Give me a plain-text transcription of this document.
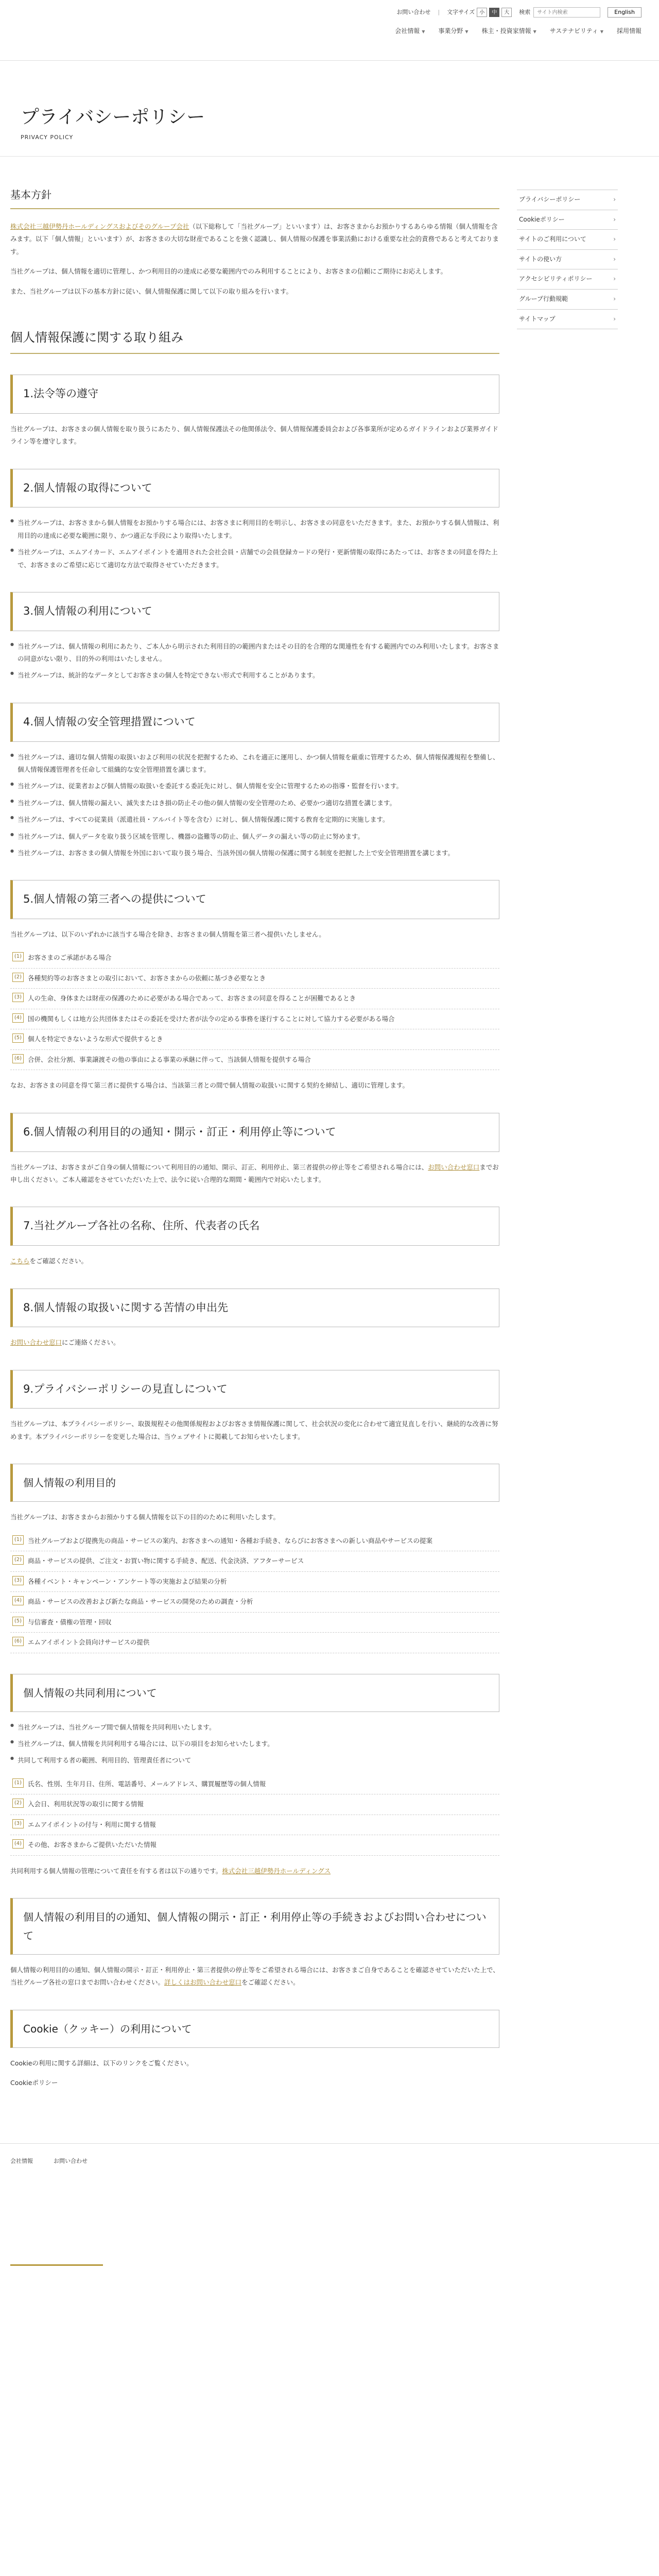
お問い合わせ | 文字サイズ 小	中	大	検索
サイト内検索	English
会社情報 ▼ 事業分野 ▼ 株主・投資家情報 ▼ サステナビリティ ▼ 採用情報
プライバシーポリシー
PRIVACY POLICY
基本方針

株式会社三越伊勢丹ホールディングスおよびそのグループ会社（以下総称して「当社グループ」といいます）は、お客さまからお預かりするあらゆる情報（個人情報を含みます。以下「個人情報」といいます）が、お客さまの大切な財産であることを強く認識し、個人情報の保護を事業活動における重要な社会的責務であると考えております。

当社グループは、個人情報を適切に管理し、かつ利用目的の達成に必要な範囲内でのみ利用することにより、お客さまの信頼にご期待にお応えします。

また、当社グループは以下の基本方針に従い、個人情報保護に関して以下の取り組みを行います。

個人情報保護に関する取り組み
1.法令等の遵守

当社グループは、お客さまの個人情報を取り扱うにあたり、個人情報保護法その他関係法令、個人情報保護委員会および各事業所が定めるガイドラインおよび業界ガイドライン等を遵守します。

2.個人情報の取得について
● 当社グループは、お客さまから個人情報をお預かりする場合には、お客さまに利用目的を明示し、お客さまの同意をいただきます。また、お預かりする個人情報は、利用目的の達成に必要な範囲に限り、かつ適正な手段により取得いたします。
● 当社グループは、エムアイカード、エムアイポイントを適用された会社会員・店舗での会員登録カードの発行・更新情報の取得にあたっては、お客さまの同意を得た上で、お客さまのご希望に応じて適切な方法で取得させていただきます。
3.個人情報の利用について
● 当社グループは、個人情報の利用にあたり、ご本人から明示された利用目的の範囲内またはその目的を合理的な関連性を有する範囲内でのみ利用いたします。お客さまの同意がない限り、目的外の利用はいたしません。
● 当社グループは、統計的なデータとしてお客さまの個人を特定できない形式で利用することがあります。
4.個人情報の安全管理措置について
● 当社グループは、適切な個人情報の取扱いおよび利用の状況を把握するため、これを適正に運用し、かつ個人情報を厳重に管理するため、個人情報保護規程を整備し、個人情報保護管理者を任命して組織的な安全管理措置を講じます。
● 当社グループは、従業者および個人情報の取扱いを委託する委託先に対し、個人情報を安全に管理するための指導・監督を行います。
● 当社グループは、個人情報の漏えい、滅失またはき損の防止その他の個人情報の安全管理のため、必要かつ適切な措置を講じます。
● 当社グループは、すべての従業員（派遣社員・アルバイト等を含む）に対し、個人情報保護に関する教育を定期的に実施します。
● 当社グループは、個人データを取り扱う区域を管理し、機器の盗難等の防止、個人データの漏えい等の防止に努めます。
● 当社グループは、お客さまの個人情報を外国において取り扱う場合、当該外国の個人情報の保護に関する制度を把握した上で安全管理措置を講じます。
5.個人情報の第三者への提供について

当社グループは、以下のいずれかに該当する場合を除き、お客さまの個人情報を第三者へ提供いたしません。

(1) お客さまのご承諾がある場合
(2) 各種契約等のお客さまとの取引において、お客さまからの依頼に基づき必要なとき
(3) 人の生命、身体または財産の保護のために必要がある場合であって、お客さまの同意を得ることが困難であるとき
(4) 国の機関もしくは地方公共団体またはその委託を受けた者が法令の定める事務を遂行することに対して協力する必要がある場合
(5) 個人を特定できないような形式で提供するとき
(6) 合併、会社分割、事業譲渡その他の事由による事業の承継に伴って、当該個人情報を提供する場合

なお、お客さまの同意を得て第三者に提供する場合は、当該第三者との間で個人情報の取扱いに関する契約を締結し、適切に管理します。

6.個人情報の利用目的の通知・開示・訂正・利用停止等について

当社グループは、お客さまがご自身の個人情報について利用目的の通知、開示、訂正、利用停止、第三者提供の停止等をご希望される場合には、お問い合わせ窓口までお申し出ください。ご本人確認をさせていただいた上で、法令に従い合理的な期間・範囲内で対応いたします。

7.当社グループ各社の名称、住所、代表者の氏名

こちらをご確認ください。

8.個人情報の取扱いに関する苦情の申出先

お問い合わせ窓口にご連絡ください。

9.プライバシーポリシーの見直しについて

当社グループは、本プライバシーポリシー、取扱規程その他関係規程およびお客さま情報保護に関して、社会状況の変化に合わせて適宜見直しを行い、継続的な改善に努めます。本プライバシーポリシーを変更した場合は、当ウェブサイトに掲載してお知らせいたします。

個人情報の利用目的

当社グループは、お客さまからお預かりする個人情報を以下の目的のために利用いたします。

(1) 当社グループおよび提携先の商品・サービスの案内、お客さまへの通知・各種お手続き、ならびにお客さまへの新しい商品やサービスの提案
(2) 商品・サービスの提供、ご注文・お買い物に関する手続き、配送、代金決済、アフターサービス
(3) 各種イベント・キャンペーン・アンケート等の実施および結果の分析
(4) 商品・サービスの改善および新たな商品・サービスの開発のための調査・分析
(5) 与信審査・債権の管理・回収
(6) エムアイポイント会員向けサービスの提供
個人情報の共同利用について
● 当社グループは、当社グループ間で個人情報を共同利用いたします。
● 当社グループは、個人情報を共同利用する場合には、以下の項目をお知らせいたします。
● 共同して利用する者の範囲、利用目的、管理責任者について
(1) 氏名、性別、生年月日、住所、電話番号、メールアドレス、購買履歴等の個人情報
(2) 入会日、利用状況等の取引に関する情報
(3) エムアイポイントの付与・利用に関する情報
(4) その他、お客さまからご提供いただいた情報

共同利用する個人情報の管理について責任を有する者は以下の通りです。株式会社三越伊勢丹ホールディングス

個人情報の利用目的の通知、個人情報の開示・訂正・利用停止等の手続きおよびお問い合わせについて

個人情報の利用目的の通知、個人情報の開示・訂正・利用停止・第三者提供の停止等をご希望される場合には、お客さまご自身であることを確認させていただいた上で、当社グループ各社の窓口までお問い合わせください。詳しくはお問い合わせ窓口をご確認ください。

Cookie（クッキー）の利用について

Cookieの利用に関する詳細は、以下のリンクをご覧ください。

Cookieポリシー

プライバシーポリシー	›
Cookieポリシー	›
サイトのご利用について	›
サイトの使い方	›
アクセシビリティポリシー	›
グループ行動規範	›
サイトマップ	›
会社情報	お問い合わせ
